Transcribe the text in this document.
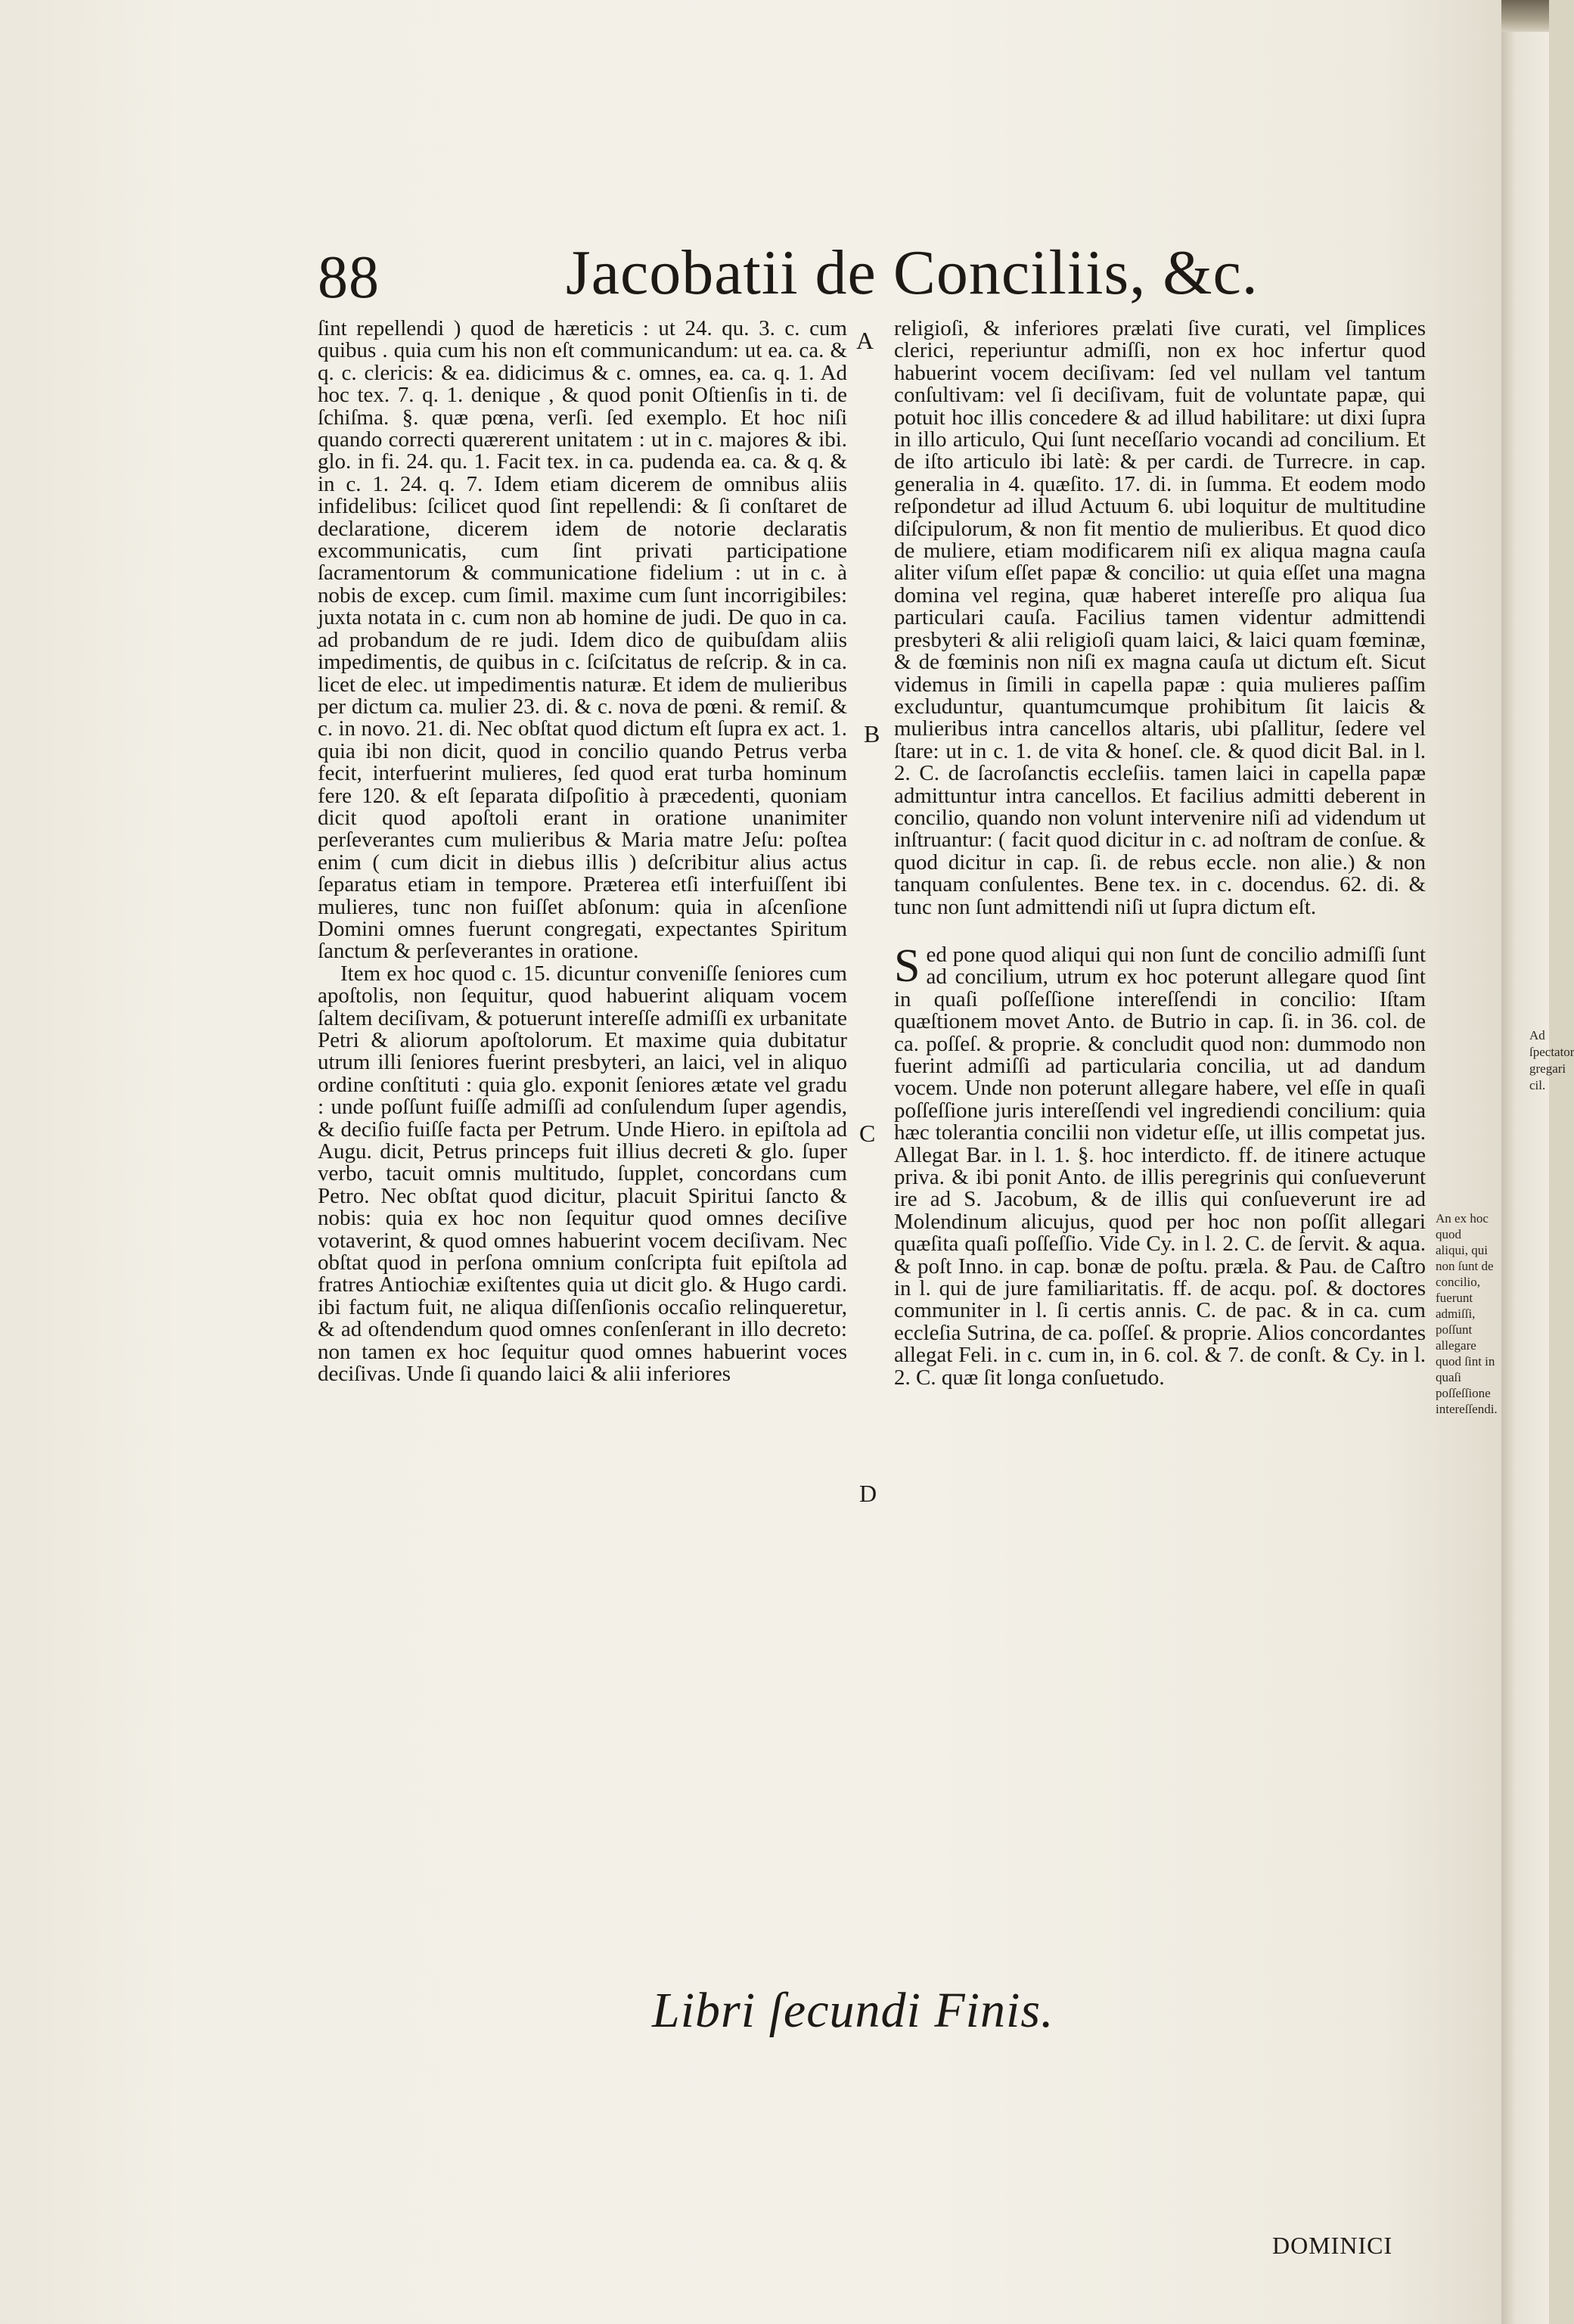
88	Jacobatii de Conciliis, &c.

ſint repellendi ) quod de hæreticis : ut 24. qu. 3. c. cum quibus . quia cum his non eſt communicandum: ut ea. ca. & q. c. clericis: & ea. didicimus & c. omnes, ea. ca. q. 1. Ad hoc tex. 7. q. 1. denique , & quod ponit Oſtienſis in ti. de ſchiſma. §. quæ pœna, verſi. ſed exemplo. Et hoc niſi quando correcti quærerent unitatem : ut in c. majores & ibi. glo. in fi. 24. qu. 1. Facit tex. in ca. pudenda ea. ca. & q. & in c. 1. 24. q. 7. Idem etiam dicerem de omnibus aliis infidelibus: ſcilicet quod ſint repellendi: & ſi conſtaret de declaratione, dicerem idem de notorie declaratis excommunicatis, cum ſint privati participatione ſacramentorum & communicatione fidelium : ut in c. à nobis de excep. cum ſimil. maxime cum ſunt incorrigibiles: juxta notata in c. cum non ab homine de judi. De quo in ca. ad probandum de re judi. Idem dico de quibuſdam aliis impedimentis, de quibus in c. ſciſcitatus de reſcrip. & in ca. licet de elec. ut impedimentis naturæ. Et idem de mulieribus per dictum ca. mulier 23. di. & c. nova de pœni. & remiſ. & c. in novo. 21. di. Nec obſtat quod dictum eſt ſupra ex act. 1. quia ibi non dicit, quod in concilio quando Petrus verba fecit, interfuerint mulieres, ſed quod erat turba hominum fere 120. & eſt ſeparata diſpoſitio à præcedenti, quoniam dicit quod apoſtoli erant in oratione unanimiter perſeverantes cum mulieribus & Maria matre Jeſu: poſtea enim ( cum dicit in diebus illis ) deſcribitur alius actus ſeparatus etiam in tempore. Præterea etſi interfuiſſent ibi mulieres, tunc non fuiſſet abſonum: quia in aſcenſione Domini omnes fuerunt congregati, expectantes Spiritum ſanctum & perſeverantes in oratione.

Item ex hoc quod c. 15. dicuntur conveniſſe ſeniores cum apoſtolis, non ſequitur, quod habuerint aliquam vocem ſaltem deciſivam, & potuerunt intereſſe admiſſi ex urbanitate Petri & aliorum apoſtolorum. Et maxime quia dubitatur utrum illi ſeniores fuerint presbyteri, an laici, vel in aliquo ordine conſtituti : quia glo. exponit ſeniores ætate vel gradu : unde poſſunt fuiſſe admiſſi ad conſulendum ſuper agendis, & deciſio fuiſſe facta per Petrum. Unde Hiero. in epiſtola ad Augu. dicit, Petrus princeps fuit illius decreti & glo. ſuper verbo, tacuit omnis multitudo, ſupplet, concordans cum Petro. Nec obſtat quod dicitur, placuit Spiritui ſancto & nobis: quia ex hoc non ſequitur quod omnes deciſive votaverint, & quod omnes habuerint vocem deciſivam. Nec obſtat quod in perſona omnium conſcripta fuit epiſtola ad fratres Antiochiæ exiſtentes quia ut dicit glo. & Hugo cardi. ibi factum fuit, ne aliqua diſſenſionis occaſio relinqueretur, & ad oſtendendum quod omnes conſenſerant in illo decreto: non tamen ex hoc ſequitur quod omnes habuerint voces deciſivas. Unde ſi quando laici & alii inferiores

religioſi, & inferiores prælati ſive curati, vel ſimplices clerici, reperiuntur admiſſi, non ex hoc infertur quod habuerint vocem deciſivam: ſed vel nullam vel tantum conſultivam: vel ſi deciſivam, fuit de voluntate papæ, qui potuit hoc illis concedere & ad illud habilitare: ut dixi ſupra in illo articulo, Qui ſunt neceſſario vocandi ad concilium. Et de iſto articulo ibi latè: & per cardi. de Turrecre. in cap. generalia in 4. quæſito. 17. di. in ſumma. Et eodem modo reſpondetur ad illud Actuum 6. ubi loquitur de multitudine diſcipulorum, & non fit mentio de mulieribus. Et quod dico de muliere, etiam modificarem niſi ex aliqua magna cauſa aliter viſum eſſet papæ & concilio: ut quia eſſet una magna domina vel regina, quæ haberet intereſſe pro aliqua ſua particulari cauſa. Facilius tamen videntur admittendi presbyteri & alii religioſi quam laici, & laici quam fœminæ, & de fœminis non niſi ex magna cauſa ut dictum eſt. Sicut videmus in ſimili in capella papæ : quia mulieres paſſim excluduntur, quantumcumque prohibitum ſit laicis & mulieribus intra cancellos altaris, ubi pſallitur, ſedere vel ſtare: ut in c. 1. de vita & honeſ. cle. & quod dicit Bal. in l. 2. C. de ſacroſanctis eccleſiis. tamen laici in capella papæ admittuntur intra cancellos. Et facilius admitti deberent in concilio, quando non volunt intervenire niſi ad videndum ut inſtruantur: ( facit quod dicitur in c. ad noſtram de conſue. & quod dicitur in cap. ſi. de rebus eccle. non alie.) & non tanquam conſulentes. Bene tex. in c. docendus. 62. di. & tunc non ſunt admittendi niſi ut ſupra dictum eſt.

Sed pone quod aliqui qui non ſunt de concilio admiſſi ſunt ad concilium, utrum ex hoc poterunt allegare quod ſint in quaſi poſſeſſione intereſſendi in concilio: Iſtam quæſtionem movet Anto. de Butrio in cap. ſi. in 36. col. de ca. poſſeſ. & proprie. & concludit quod non: dummodo non fuerint admiſſi ad particularia concilia, ut ad dandum vocem. Unde non poterunt allegare habere, vel eſſe in quaſi poſſeſſione juris intereſſendi vel ingrediendi concilium: quia hæc tolerantia concilii non videtur eſſe, ut illis competat jus. Allegat Bar. in l. 1. §. hoc interdicto. ff. de itinere actuque priva. & ibi ponit Anto. de illis peregrinis qui conſueverunt ire ad S. Jacobum, & de illis qui conſueverunt ire ad Molendinum alicujus, quod per hoc non poſſit allegari quæſita quaſi poſſeſſio. Vide Cy. in l. 2. C. de ſervit. & aqua. & poſt Inno. in cap. bonæ de poſtu. præla. & Pau. de Caſtro in l. qui de jure familiaritatis. ff. de acqu. poſ. & doctores communiter in l. ſi certis annis. C. de pac. & in ca. cum eccleſia Sutrina, de ca. poſſeſ. & proprie. Alios concordantes allegat Feli. in c. cum in, in 6. col. & 7. de conſt. & Cy. in l. 2. C. quæ ſit longa conſuetudo.

A
B
C
D
An ex hoc quod aliqui, qui non ſunt de concilio, fuerunt admiſſi, poſſunt allegare quod ſint in quaſi poſſeſſione intereſſendi.
Libri ſecundi Finis.
DOMINICI
Ad ſpectator gregari cil.
